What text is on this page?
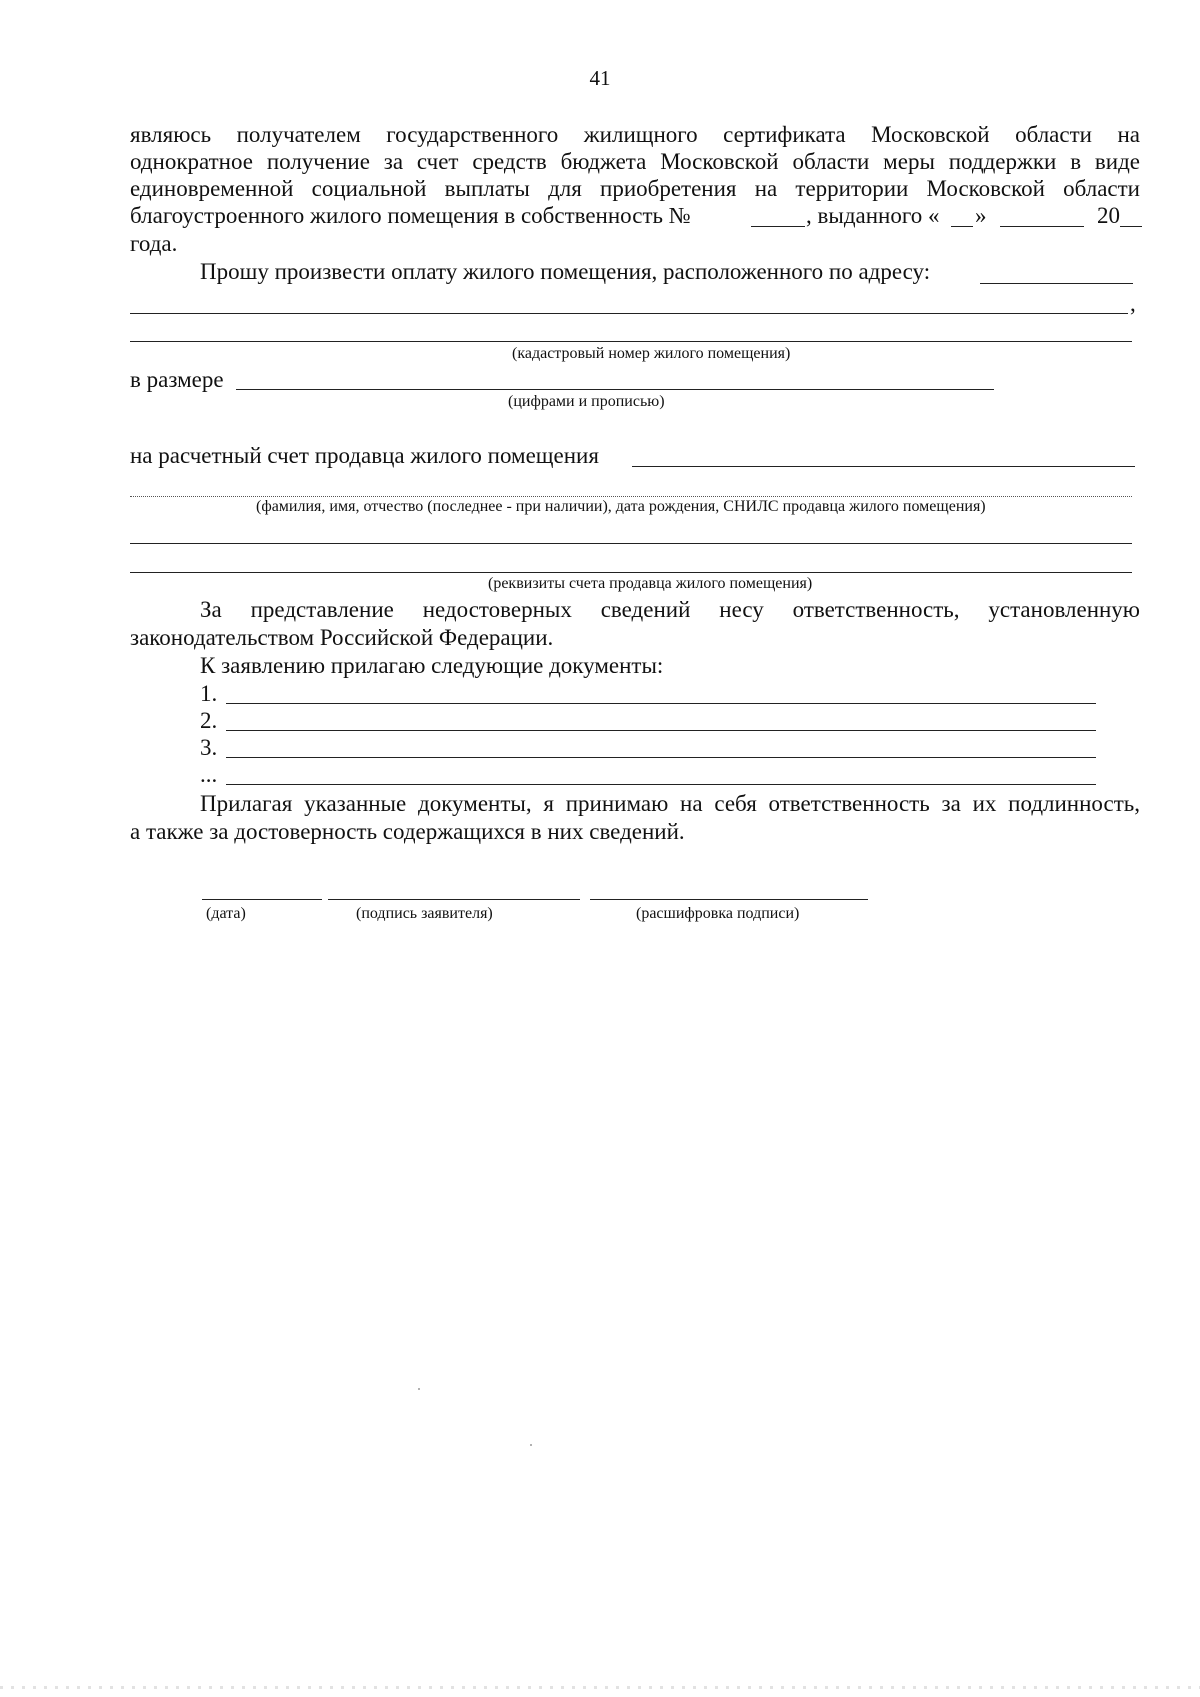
41
являюсь получателем государственного жилищного сертификата Московской области на
однократное получение за счет средств бюджета Московской области меры поддержки в виде
единовременной социальной выплаты для приобретения на территории Московской области
благоустроенного жилого помещения в собственность №	, выданного « »	20
года.
Прошу произвести оплату жилого помещения, расположенного по адресу:
,
(кадастровый номер жилого помещения)
в размере
(цифрами и прописью)
на расчетный счет продавца жилого помещения
(фамилия, имя, отчество (последнее - при наличии), дата рождения, СНИЛС продавца жилого помещения)
(реквизиты счета продавца жилого помещения)
За представление недостоверных сведений несу ответственность, установленную
законодательством Российской Федерации.
К заявлению прилагаю следующие документы:
1.
2.
3.
...
Прилагая указанные документы, я принимаю на себя ответственность за их подлинность,
а также за достоверность содержащихся в них сведений.
(дата)	(подпись заявителя)	(расшифровка подписи)
